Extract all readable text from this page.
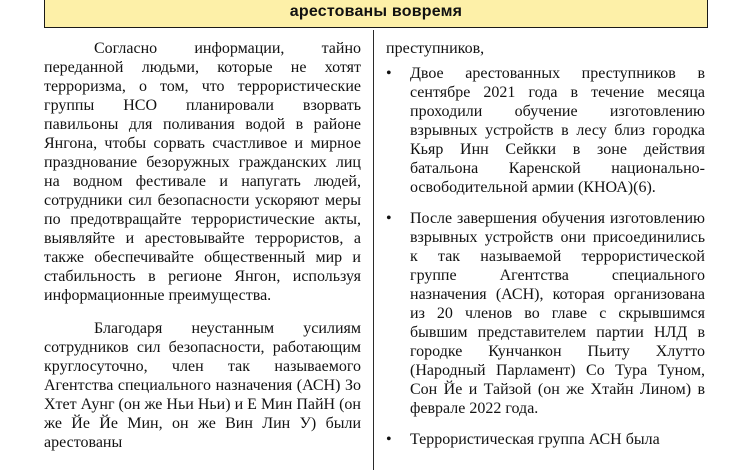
арестованы вовремя

Согласно информации, тайно переданной людьми, которые не хотят терроризма, о том, что террористические группы НСО планировали взорвать павильоны для поливания водой в районе Янгона, чтобы сорвать счастливое и мирное празднование безоружных гражданских лиц на водном фестивале и напугать людей, сотрудники сил безопасности ускоряют меры по предотвращайте террористические акты, выявляйте и арестовывайте террористов, а также обеспечивайте общественный мир и стабильность в регионе Янгон, используя информационные преимущества.

Благодаря неустанным усилиям сотрудников сил безопасности, работающим круглосуточно, член так называемого Агентства специального назначения (АСН) Зо Хтет Аунг (он же Ньи Ньи) и Е Мин ПайН (он же Йе Йе Мин, он же Вин Лин У) были арестованы

преступников,

• Двое арестованных преступников в сентябре 2021 года в течение месяца проходили обучение изготовлению взрывных устройств в лесу близ городка Кьяр Инн Сейкки в зоне действия батальона Каренской национально-освободительной армии (КНОА)(6).
• После завершения обучения изготовлению взрывных устройств они присоединились к так называемой террористической группе Агентства специального назначения (АСН), которая организована из 20 членов во главе с скрывшимся бывшим представителем партии НЛД в городке Кунчанкон Пьиту Хлутто (Народный Парламент) Со Тура Туном, Сон Йе и Тайзой (он же Хтайн Лином) в феврале 2022 года.
• Террористическая группа АСН была
